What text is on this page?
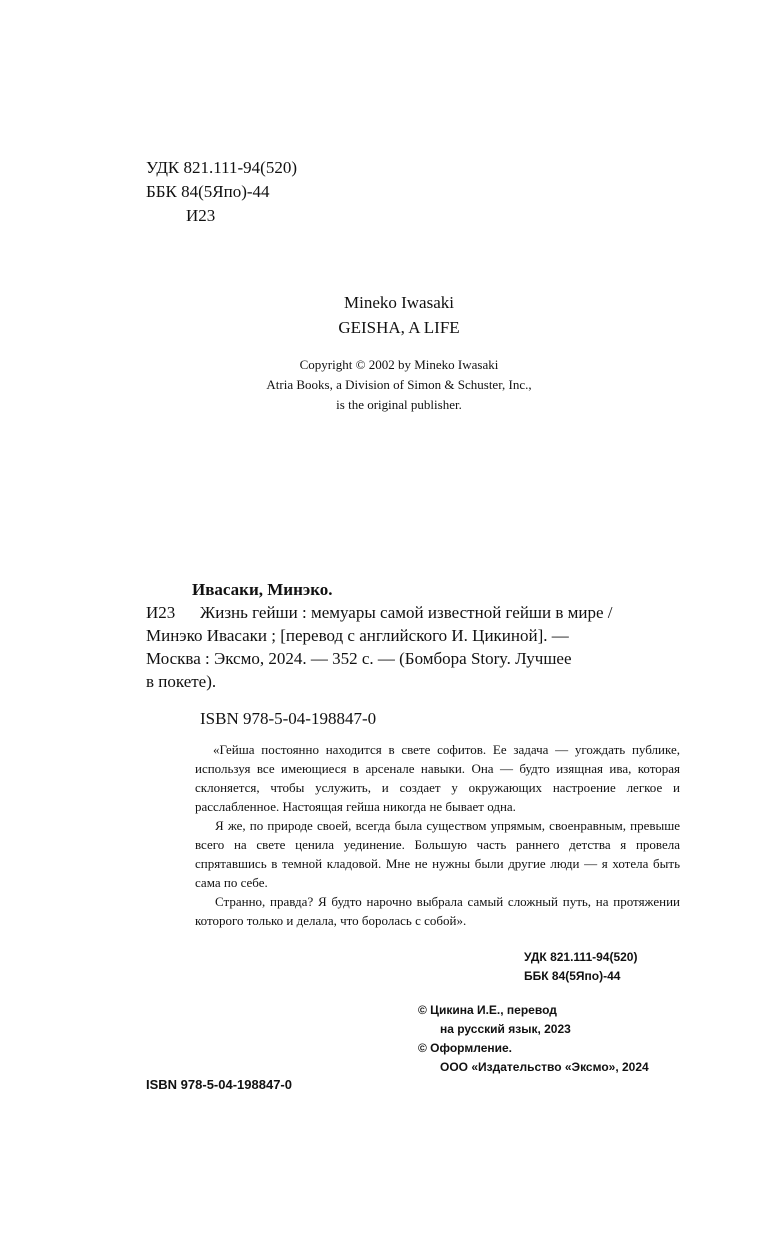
УДК 821.111-94(520)
ББК 84(5Япо)-44
И23
Mineko Iwasaki
GEISHA, A LIFE
Copyright © 2002 by Mineko Iwasaki
Atria Books, a Division of Simon & Schuster, Inc.,
is the original publisher.
Ивасаки, Минэко.
И23 Жизнь гейши : мемуары самой известной гейши в мире /
Минэко Ивасаки ; [перевод с английского И. Цикиной]. —
Москва : Эксмо, 2024. — 352 с. — (Бомбора Story. Лучшее
в покете).
ISBN 978-5-04-198847-0

«Гейша постоянно находится в свете софитов. Ее задача — угождать публике, используя все имеющиеся в арсенале навыки. Она — будто изящная ива, которая склоняется, чтобы услужить, и создает у окружающих настроение легкое и расслабленное. Настоящая гейша никогда не бывает одна.

Я же, по природе своей, всегда была существом упрямым, своенравным, превыше всего на свете ценила уединение. Большую часть раннего детства я провела спрятавшись в темной кладовой. Мне не нужны были другие люди — я хотела быть сама по себе.

Странно, правда? Я будто нарочно выбрала самый сложный путь, на протяжении которого только и делала, что боролась с собой».

УДК 821.111-94(520)
ББК 84(5Япо)-44
© Цикина И.Е., перевод
на русский язык, 2023
© Оформление.
ООО «Издательство «Эксмо», 2024
ISBN 978-5-04-198847-0
